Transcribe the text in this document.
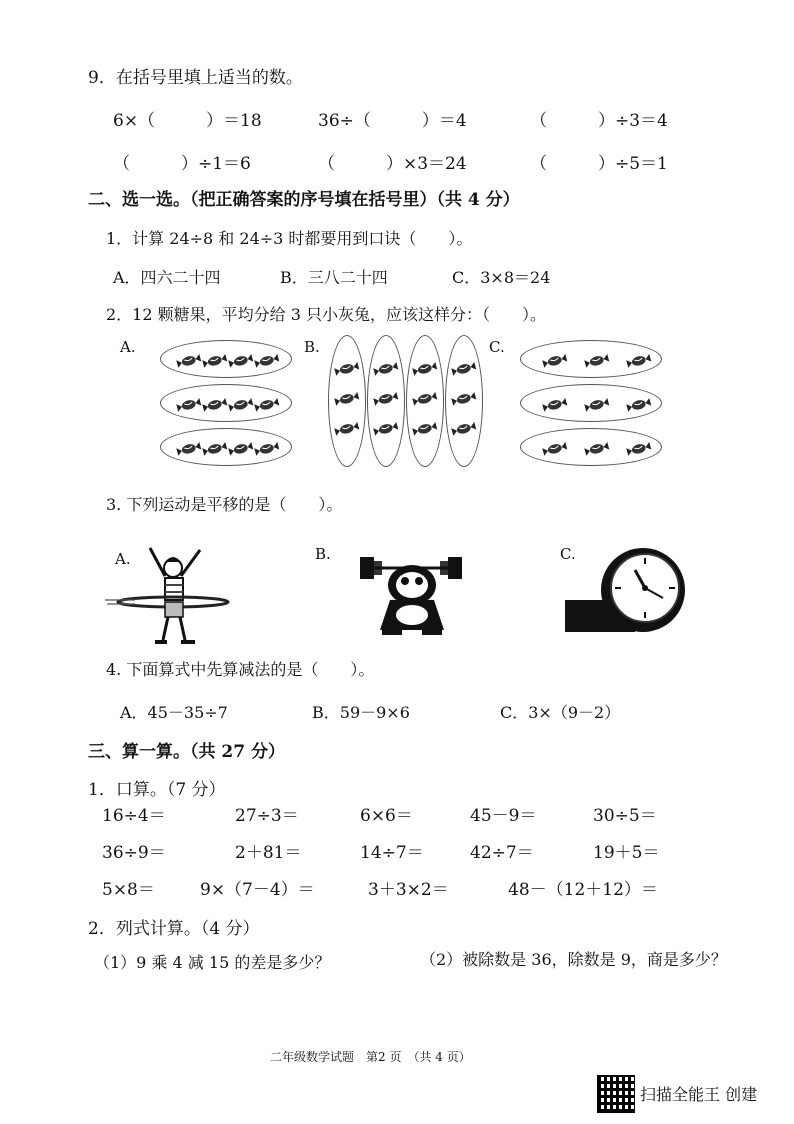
9．在括号里填上适当的数。
6×（　　　）＝18	36÷（　　　）＝4	（　　　）÷3＝4
（　　　）÷1＝6	（　　　）×3＝24	（　　　）÷5＝1
二、选一选。（把正确答案的序号填在括号里）（共 4 分）
1．计算 24÷8 和 24÷3 时都要用到口诀（　　）。
A．四六二十四	B．三八二十四	C．3×8＝24
2．12 颗糖果，平均分给 3 只小灰兔，应该这样分：（　　）。
A.	B.	C.
3. 下列运动是平移的是（　　）。
A.	B.	C.
4. 下面算式中先算减法的是（　　）。
A．45－35÷7	B．59－9×6	C．3×（9－2）
三、算一算。（共 27 分）
1．口算。（7 分）
16÷4＝	27÷3＝	6×6＝	45－9＝	30÷5＝
36÷9＝	2＋81＝	14÷7＝	42÷7＝	19＋5＝
5×8＝	9×（7－4）＝	3＋3×2＝	48－（12＋12）＝
2．列式计算。（4 分）
（1）9 乘 4 减 15 的差是多少？	（2）被除数是 36，除数是 9，商是多少？
二年级数学试题　第2 页　（共 4 页）
扫描全能王 创建
